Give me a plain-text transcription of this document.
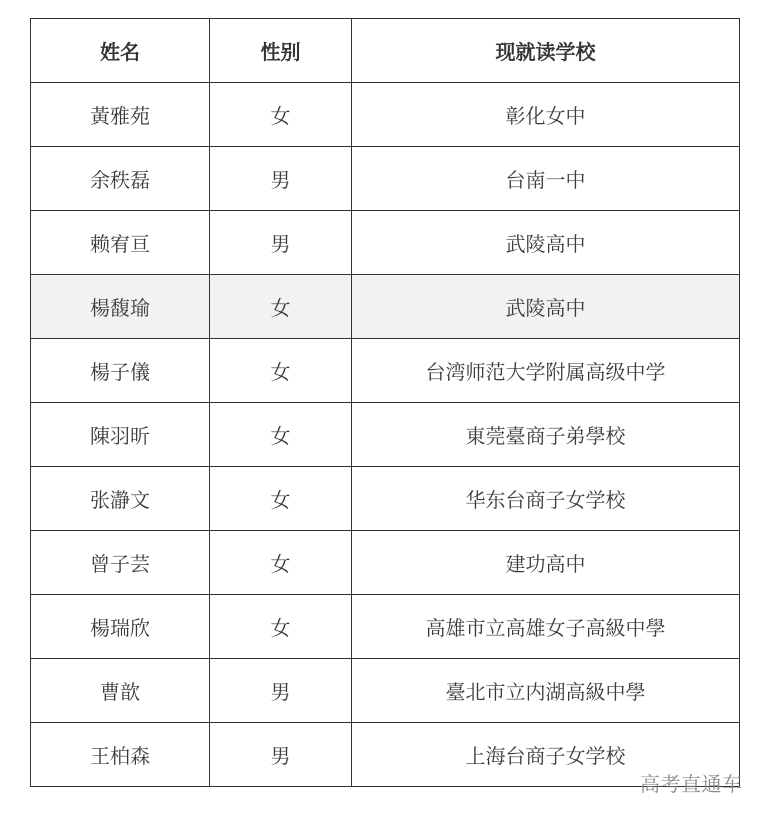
姓名	性别	现就读学校
黃雅苑	女	彰化女中
余秩磊	男	台南一中
赖宥亘	男	武陵高中
楊馥瑜	女	武陵高中
楊子儀	女	台湾师范大学附属高级中学
陳羽昕	女	東莞臺商子弟學校
张瀞文	女	华东台商子女学校
曾子芸	女	建功高中
楊瑞欣	女	高雄市立高雄女子高級中學
曹歆	男	臺北市立内湖高級中學
王柏森	男	上海台商子女学校
高考直通车
